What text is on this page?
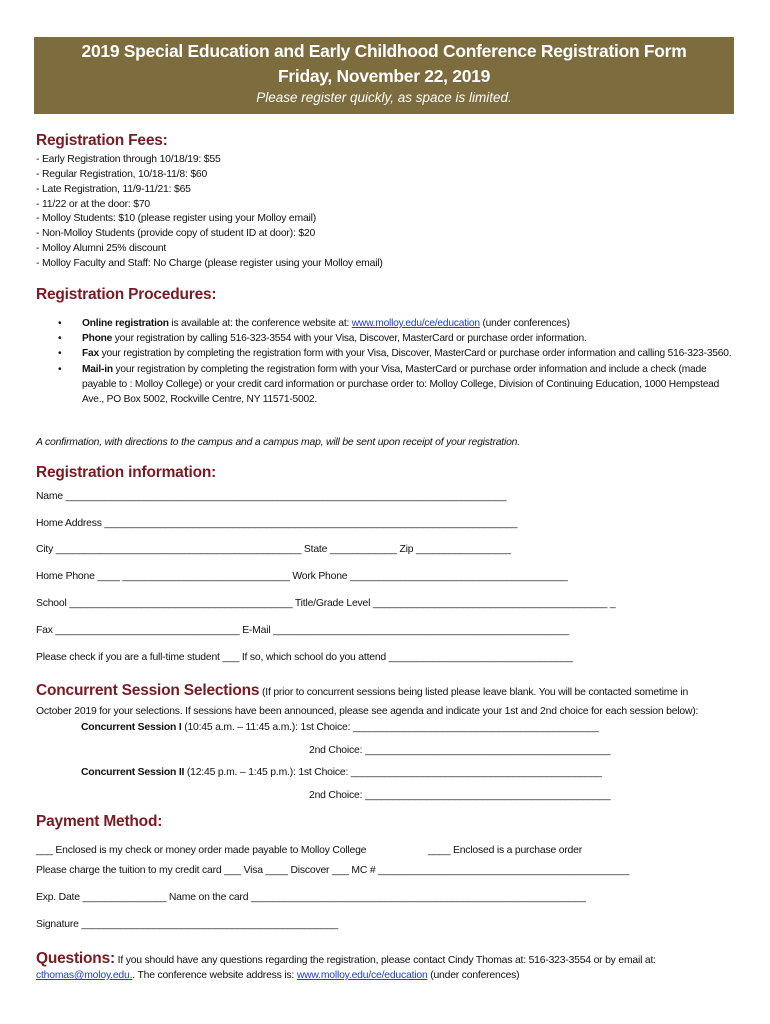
2019 Special Education and Early Childhood Conference Registration Form
Friday, November 22, 2019
Please register quickly, as space is limited.
Registration Fees:
- Early Registration through 10/18/19: $55
- Regular Registration, 10/18-11/8: $60
- Late Registration, 11/9-11/21: $65
- 11/22 or at the door: $70
- Molloy Students: $10 (please register using your Molloy email)
- Non-Molloy Students (provide copy of student ID at door): $20
- Molloy Alumni 25% discount
- Molloy Faculty and Staff: No Charge (please register using your Molloy email)
Registration Procedures:
• Online registration is available at: the conference website at: www.molloy.edu/ce/education (under conferences)
• Phone your registration by calling 516-323-3554 with your Visa, Discover, MasterCard or purchase order information.
• Fax your registration by completing the registration form with your Visa, Discover, MasterCard or purchase order information and calling 516-323-3560.
• Mail-in your registration by completing the registration form with your Visa, MasterCard or purchase order information and include a check (made payable to : Molloy College) or your credit card information or purchase order to: Molloy College, Division of Continuing Education, 1000 Hempstead Ave., PO Box 5002, Rockville Centre, NY 11571-5002.
A confirmation, with directions to the campus and a campus map, will be sent upon receipt of your registration.
Registration information:
Name _______________________________________________________________________________
Home Address __________________________________________________________________________
City ____________________________________________ State ____________ Zip _________________
Home Phone ____ ______________________________ Work Phone _______________________________________
School ________________________________________ Title/Grade Level __________________________________________ _
Fax _________________________________ E-Mail _____________________________________________________
Please check if you are a full-time student ___ If so, which school do you attend _________________________________
Concurrent Session Selections (If prior to concurrent sessions being listed please leave blank. You will be contacted sometime in
October 2019 for your selections. If sessions have been announced, please see agenda and indicate your 1st and 2nd choice for each session below):
Concurrent Session I (10:45 a.m. – 11:45 a.m.): 1st Choice: ____________________________________________
2nd Choice: ____________________________________________
Concurrent Session II (12:45 p.m. – 1:45 p.m.): 1st Choice: _____________________________________________
2nd Choice: ____________________________________________
Payment Method:
___ Enclosed is my check or money order made payable to Molloy College	____ Enclosed is a purchase order
Please charge the tuition to my credit card ___ Visa ____ Discover ___ MC # _____________________________________________
Exp. Date _______________ Name on the card ____________________________________________________________
Signature ______________________________________________
Questions: If you should have any questions regarding the registration, please contact Cindy Thomas at: 516-323-3554 or by email at:
cthomas@moloy.edu.. The conference website address is: www.molloy.edu/ce/education (under conferences)
